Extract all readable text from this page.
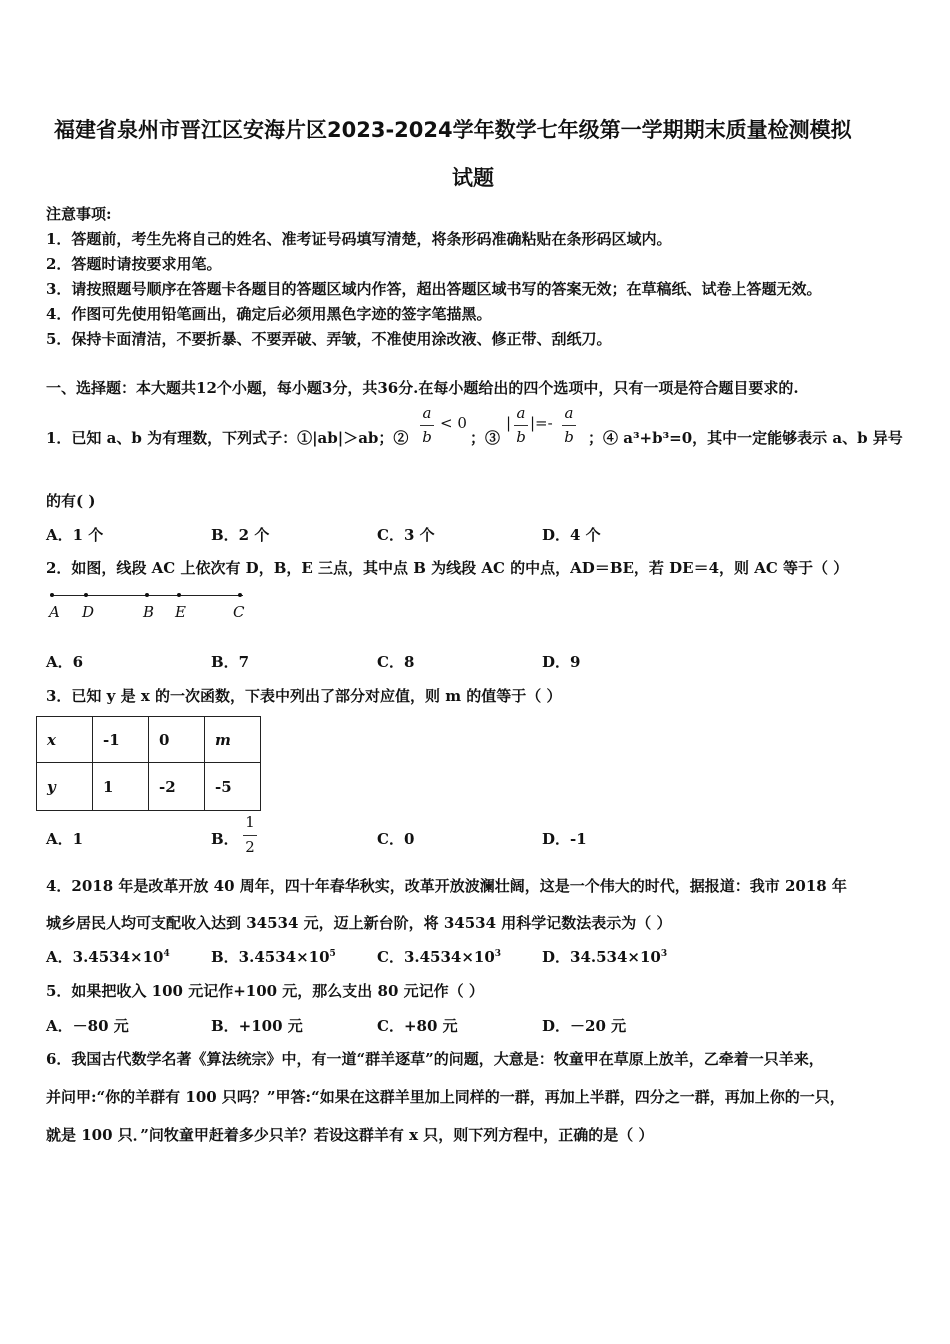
福建省泉州市晋江区安海片区2023-2024学年数学七年级第一学期期末质量检测模拟
试题
注意事项:
1．答题前，考生先将自己的姓名、准考证号码填写清楚，将条形码准确粘贴在条形码区域内。
2．答题时请按要求用笔。
3．请按照题号顺序在答题卡各题目的答题区域内作答，超出答题区域书写的答案无效；在草稿纸、试卷上答题无效。
4．作图可先使用铅笔画出，确定后必须用黑色字迹的签字笔描黑。
5．保持卡面清洁，不要折暴、不要弄破、弄皱，不准使用涂改液、修正带、刮纸刀。
一、选择题：本大题共12个小题，每小题3分，共36分.在每小题给出的四个选项中，只有一项是符合题目要求的.
1．已知 a、b 为有理数，下列式子：①|ab|＞ab；②
a
b
< 0
；③
|
a
b
|=-
a
b ；④ a³+b³=0，其中一定能够表示 a、b 异号
的有( )
A．1 个	B．2 个	C．3 个	D．4 个
2．如图，线段 AC 上依次有 D，B，E 三点，其中点 B 为线段 AC 的中点，AD＝BE，若 DE＝4，则 AC 等于（ ）
A D	B E	C
A．6	B．7	C．8	D．9
3．已知 y 是 x 的一次函数，下表中列出了部分对应值，则 m 的值等于（ ）
x	-1	0	m
y	1	-2	-5
A．1	B．
1
2	C．0	D．-1
4．2018 年是改革开放 40 周年，四十年春华秋实，改革开放波澜壮阔，这是一个伟大的时代，据报道：我市 2018 年
城乡居民人均可支配收入达到 34534 元，迈上新台阶，将 34534 用科学记数法表示为（ ）
A．$3.4534\times 10^4$	B．$3.4534\times 10^5$	C．$3.4534\times 10^3$	D．$34.534\times 10^3$
5．如果把收入 100 元记作+100 元，那么支出 80 元记作（ ）
A．－80 元	B．+100 元	C．+80 元	D．－20 元
6．我国古代数学名著《算法统宗》中，有一道“群羊逐草”的问题，大意是：牧童甲在草原上放羊，乙牵着一只羊来，
并问甲:“你的羊群有 100 只吗？”甲答:“如果在这群羊里加上同样的一群，再加上半群，四分之一群，再加上你的一只，
就是 100 只．”问牧童甲赶着多少只羊？若设这群羊有 x 只，则下列方程中，正确的是（ ）
